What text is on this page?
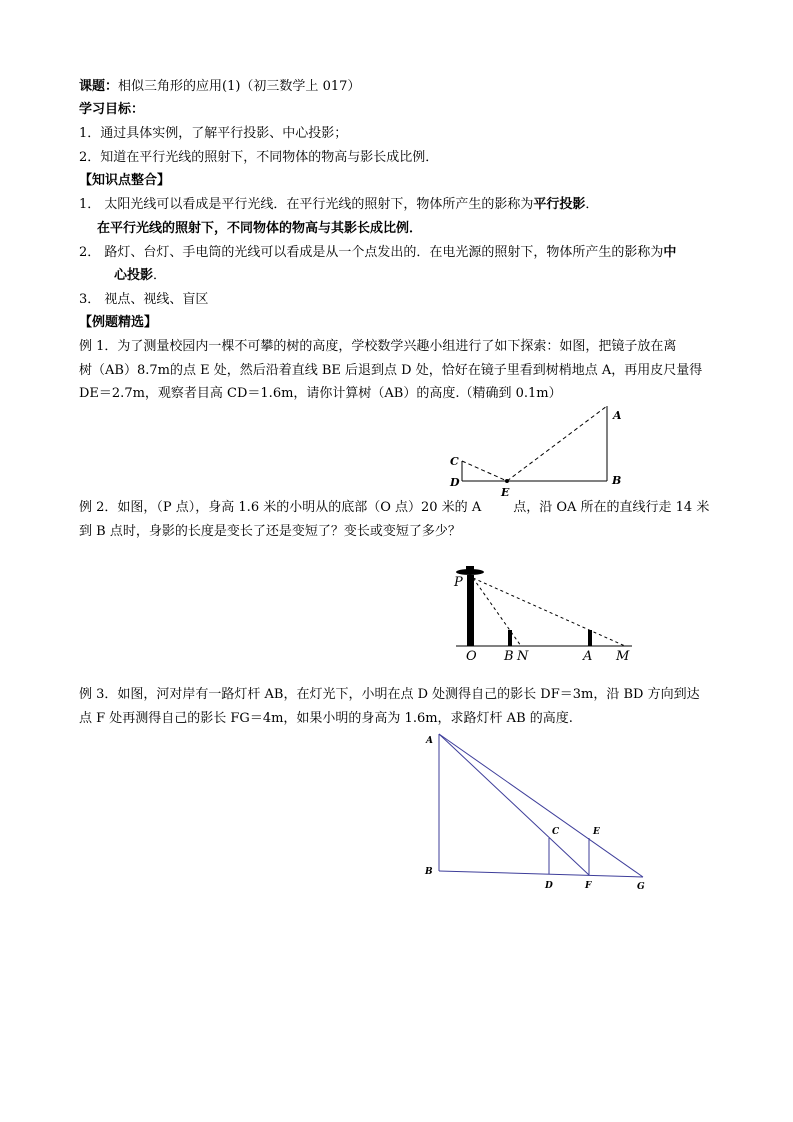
课题：相似三角形的应用(1)（初三数学上 017）
学习目标：
1．通过具体实例，了解平行投影、中心投影；
2．知道在平行光线的照射下，不同物体的物高与影长成比例．
【知识点整合】
1． 太阳光线可以看成是平行光线．在平行光线的照射下，物体所产生的影称为平行投影．
在平行光线的照射下，不同物体的物高与其影长成比例．
2． 路灯、台灯、手电筒的光线可以看成是从一个点发出的．在电光源的照射下，物体所产生的影称为中
心投影．
3． 视点、视线、盲区
【例题精选】
例 1．为了测量校园内一棵不可攀的树的高度，学校数学兴趣小组进行了如下探索：如图，把镜子放在离
树（AB）8.7m的点 E 处，然后沿着直线 BE 后退到点 D 处，恰好在镜子里看到树梢地点 A，再用皮尺量得
DE＝2.7m，观察者目高 CD＝1.6m，请你计算树（AB）的高度.（精确到 0.1m）
A
B
C
D
E
例 2．如图，（P 点），身高 1.6 米的小明从的底部（O 点）20 米的 A 点，沿 OA 所在的直线行走 14 米
到 B 点时，身影的长度是变长了还是变短了？变长或变短了多少？
P
O B N	A M
例 3．如图，河对岸有一路灯杆 AB，在灯光下，小明在点 D 处测得自己的影长 DF＝3m，沿 BD 方向到达
点 F 处再测得自己的影长 FG＝4m，如果小明的身高为 1.6m，求路灯杆 AB 的高度.
A
B
C
D
E
F	G
